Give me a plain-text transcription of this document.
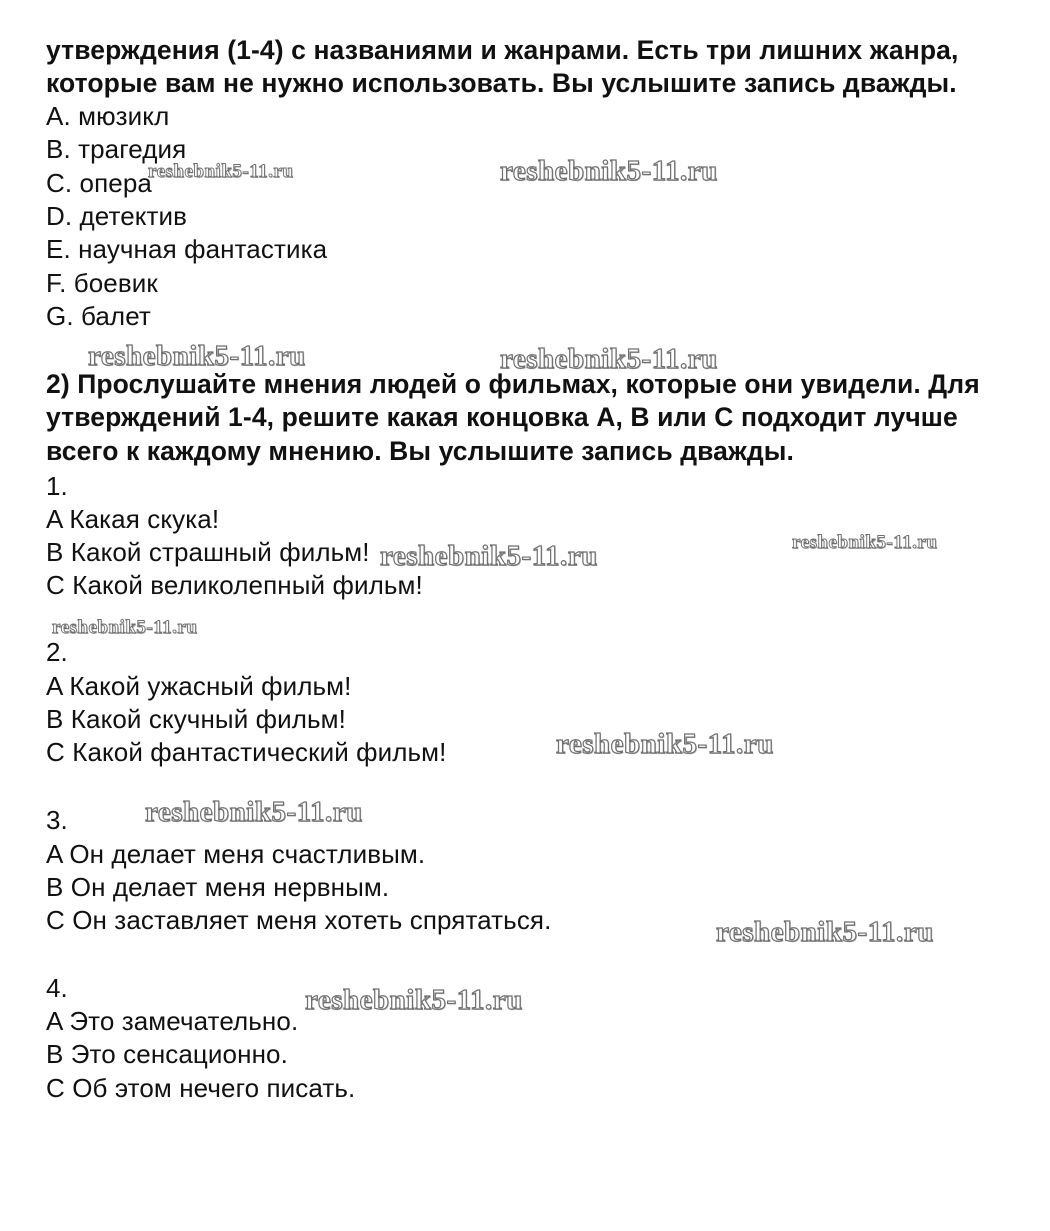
утверждения (1-4) с названиями и жанрами. Есть три лишних жанра,
которые вам не нужно использовать. Вы услышите запись дважды.
A. мюзикл
B. трагедия
C. опера
D. детектив
E. научная фантастика
F. боевик
G. балет
2) Прослушайте мнения людей о фильмах, которые они увидели. Для
утверждений 1-4, решите какая концовка A, B или C подходит лучше
всего к каждому мнению. Вы услышите запись дважды.
1.
A Какая скука!
B Какой страшный фильм!
C Какой великолепный фильм!
2.
A Какой ужасный фильм!
B Какой скучный фильм!
C Какой фантастический фильм!
3.
A Он делает меня счастливым.
B Он делает меня нервным.
C Он заставляет меня хотеть спрятаться.
4.
A Это замечательно.
B Это сенсационно.
C Об этом нечего писать.
reshebnik5-11.ru	reshebnik5-11.ru
reshebnik5-11.ru	reshebnik5-11.ru
reshebnik5-11.ru	reshebnik5-11.ru
reshebnik5-11.ru
reshebnik5-11.ru
reshebnik5-11.ru
reshebnik5-11.ru
reshebnik5-11.ru
